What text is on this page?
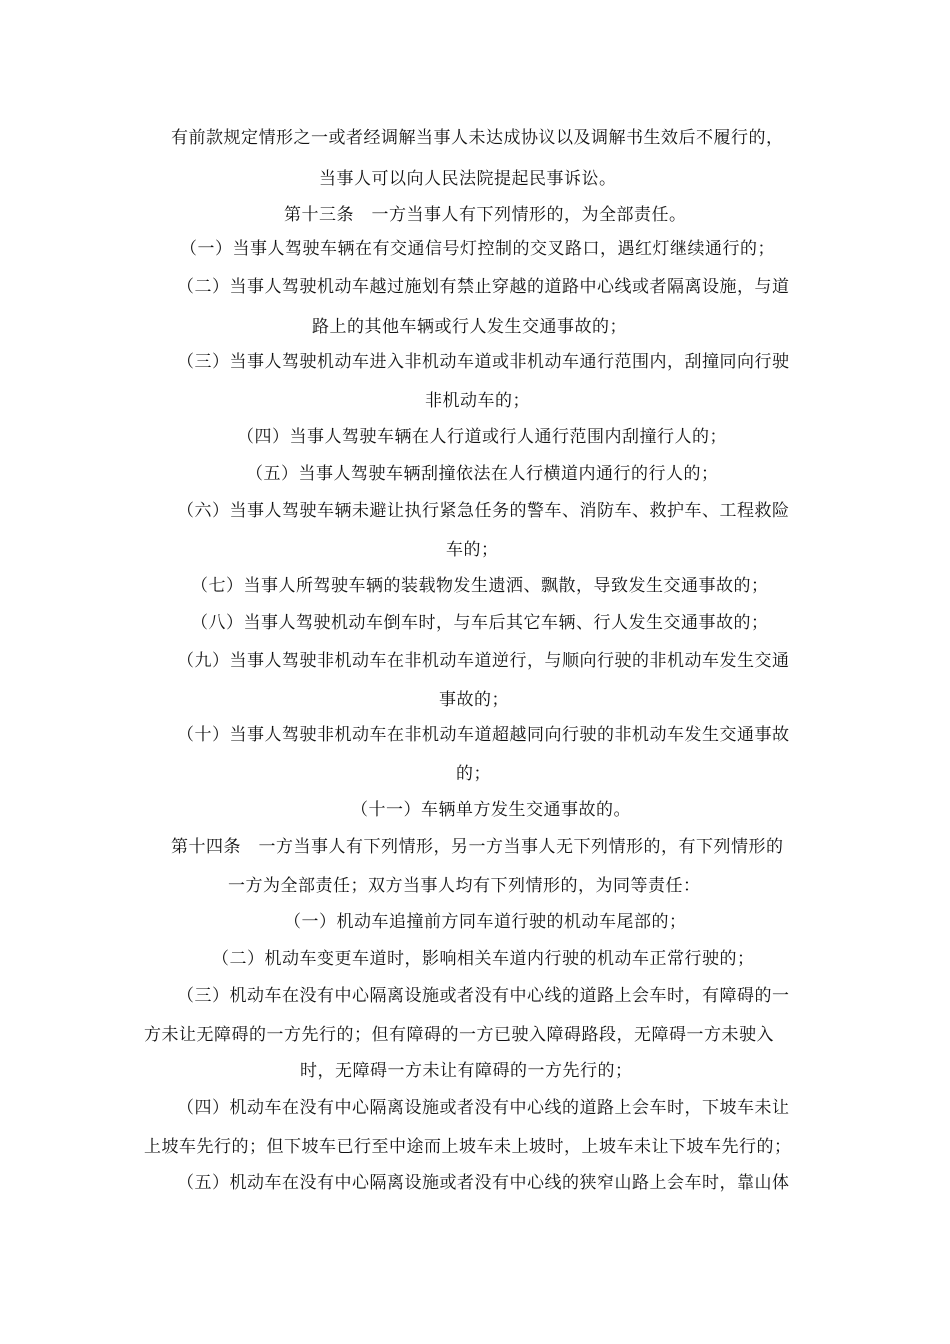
有前款规定情形之一或者经调解当事人未达成协议以及调解书生效后不履行的，
当事人可以向人民法院提起民事诉讼。
第十三条　一方当事人有下列情形的，为全部责任。
（一）当事人驾驶车辆在有交通信号灯控制的交叉路口，遇红灯继续通行的；
（二）当事人驾驶机动车越过施划有禁止穿越的道路中心线或者隔离设施，与道
路上的其他车辆或行人发生交通事故的；
（三）当事人驾驶机动车进入非机动车道或非机动车通行范围内，刮撞同向行驶
非机动车的；
（四）当事人驾驶车辆在人行道或行人通行范围内刮撞行人的；
（五）当事人驾驶车辆刮撞依法在人行横道内通行的行人的；
（六）当事人驾驶车辆未避让执行紧急任务的警车、消防车、救护车、工程救险
车的；
（七）当事人所驾驶车辆的装载物发生遗洒、飘散，导致发生交通事故的；
（八）当事人驾驶机动车倒车时，与车后其它车辆、行人发生交通事故的；
（九）当事人驾驶非机动车在非机动车道逆行，与顺向行驶的非机动车发生交通
事故的；
（十）当事人驾驶非机动车在非机动车道超越同向行驶的非机动车发生交通事故
的；
（十一）车辆单方发生交通事故的。
第十四条　一方当事人有下列情形，另一方当事人无下列情形的，有下列情形的
一方为全部责任；双方当事人均有下列情形的，为同等责任：
（一）机动车追撞前方同车道行驶的机动车尾部的；
（二）机动车变更车道时，影响相关车道内行驶的机动车正常行驶的；
（三）机动车在没有中心隔离设施或者没有中心线的道路上会车时，有障碍的一
方未让无障碍的一方先行的；但有障碍的一方已驶入障碍路段，无障碍一方未驶入
时，无障碍一方未让有障碍的一方先行的；
（四）机动车在没有中心隔离设施或者没有中心线的道路上会车时，下坡车未让
上坡车先行的；但下坡车已行至中途而上坡车未上坡时，上坡车未让下坡车先行的；
（五）机动车在没有中心隔离设施或者没有中心线的狭窄山路上会车时，靠山体
